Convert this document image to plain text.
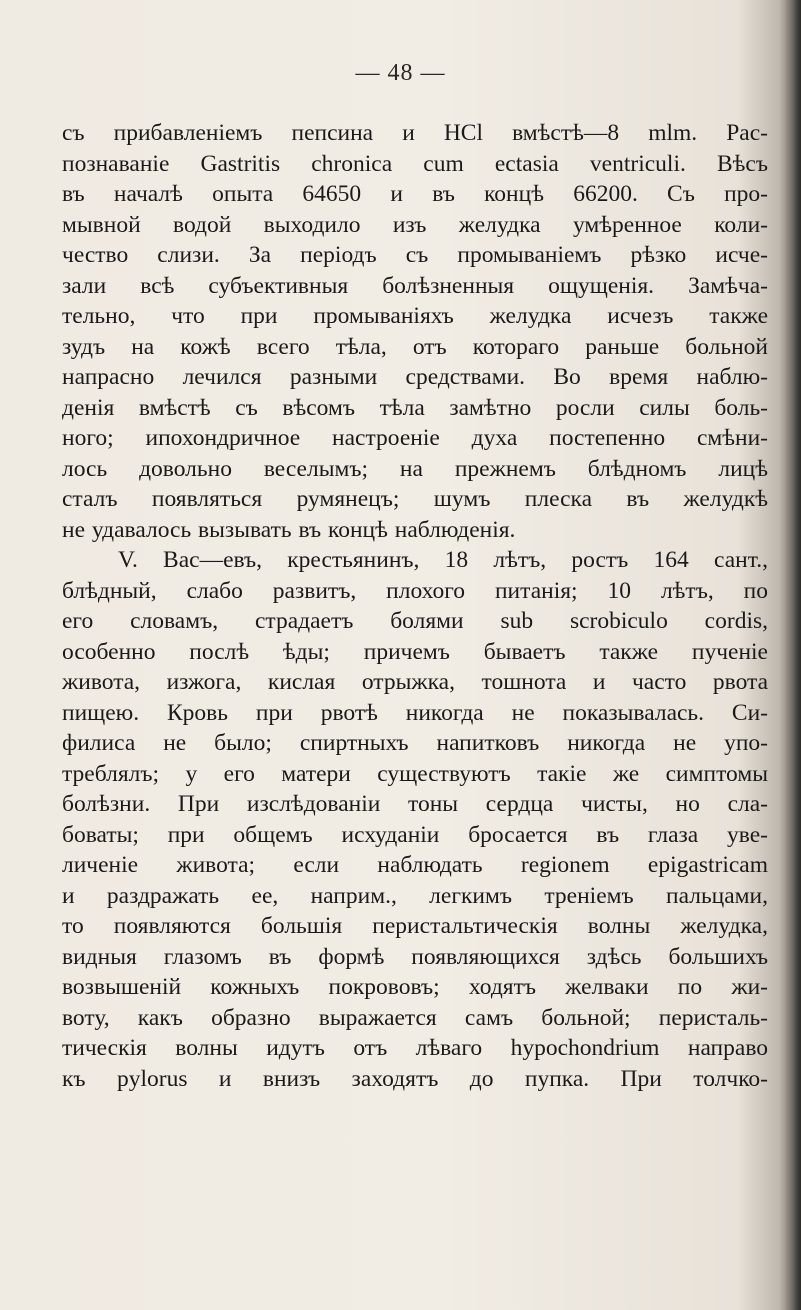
— 48 —
съ прибавленіемъ пепсина и НСl вмѣстѣ—8 mlm. Рас-
познаваніе Gastritis chronica cum ectasia ventriculi. Вѣсъ
въ началѣ опыта 64650 и въ концѣ 66200. Съ про-
мывной водой выходило изъ желудка умѣренное коли-
чество слизи. За періодъ съ промываніемъ рѣзко исче-
зали всѣ субъективныя болѣзненныя ощущенія. Замѣча-
тельно, что при промываніяхъ желудка исчезъ также
зудъ на кожѣ всего тѣла, отъ котораго раньше больной
напрасно лечился разными средствами. Во время наблю-
денія вмѣстѣ съ вѣсомъ тѣла замѣтно росли силы боль-
ного; ипохондричное настроеніе духа постепенно смѣни-
лось довольно веселымъ; на прежнемъ блѣдномъ лицѣ
сталъ появляться румянецъ; шумъ плеска въ желудкѣ
не удавалось вызывать въ концѣ наблюденія.
V. Вас—евъ, крестьянинъ, 18 лѣтъ, ростъ 164 сант.,
блѣдный, слабо развитъ, плохого питанія; 10 лѣтъ, по
его словамъ, страдаетъ болями sub scrobiculo cordis,
особенно послѣ ѣды; причемъ бываетъ также пученіе
живота, изжога, кислая отрыжка, тошнота и часто рвота
пищею. Кровь при рвотѣ никогда не показывалась. Си-
филиса не было; спиртныхъ напитковъ никогда не упо-
треблялъ; у его матери существуютъ такіе же симптомы
болѣзни. При изслѣдованіи тоны сердца чисты, но сла-
боваты; при общемъ исхуданіи бросается въ глаза уве-
личеніе живота; если наблюдать regionem epigastricam
и раздражать ее, наприм., легкимъ треніемъ пальцами,
то появляются большія перистальтическія волны желудка,
видныя глазомъ въ формѣ появляющихся здѣсь большихъ
возвышеній кожныхъ покрововъ; ходятъ желваки по жи-
воту, какъ образно выражается самъ больной; перисталь-
тическія волны идутъ отъ лѣваго hypochondrium направо
къ pylorus и внизъ заходятъ до пупка. При толчко-
